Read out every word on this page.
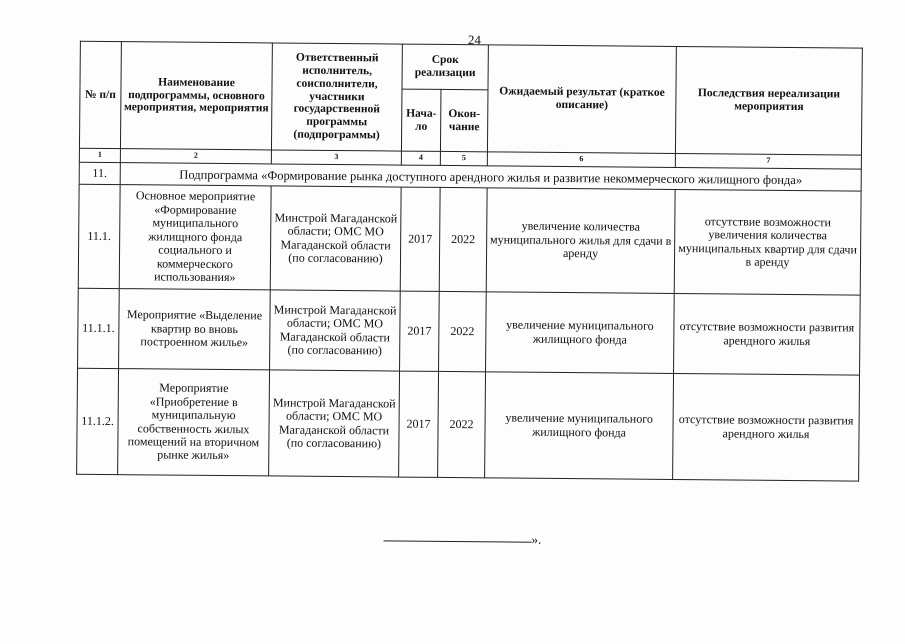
24
№ п/п	Наименование подпрограммы, основного мероприятия, мероприятия	Ответственный исполнитель, соисполнители, участники государственной программы (подпрограммы)	Срок реализации		Ожидаемый результат (краткое описание)	Последствия нереализации мероприятия
			Нача-ло	Окон-чание		
1	2	3	4	5	6	7
11.	Подпрограмма «Формирование рынка доступного арендного жилья и развитие некоммерческого жилищного фонда»					
11.1.	Основное мероприятие «Формирование муниципального жилищного фонда социального и коммерческого использования»	Минстрой Магаданской области; ОМС МО Магаданской области (по согласованию)	2017	2022	увеличение количества муниципального жилья для сдачи в аренду	отсутствие возможности увеличения количества муниципальных квартир для сдачи в аренду
11.1.1.	Мероприятие «Выделение квартир во вновь построенном жилье»	Минстрой Магаданской области; ОМС МО Магаданской области (по согласованию)	2017	2022	увеличение муниципального жилищного фонда	отсутствие возможности развития арендного жилья
11.1.2.	Мероприятие «Приобретение в муниципальную собственность жилых помещений на вторичном рынке жилья»	Минстрой Магаданской области; ОМС МО Магаданской области (по согласованию)	2017	2022	увеличение муниципального жилищного фонда	отсутствие возможности развития арендного жилья
».
